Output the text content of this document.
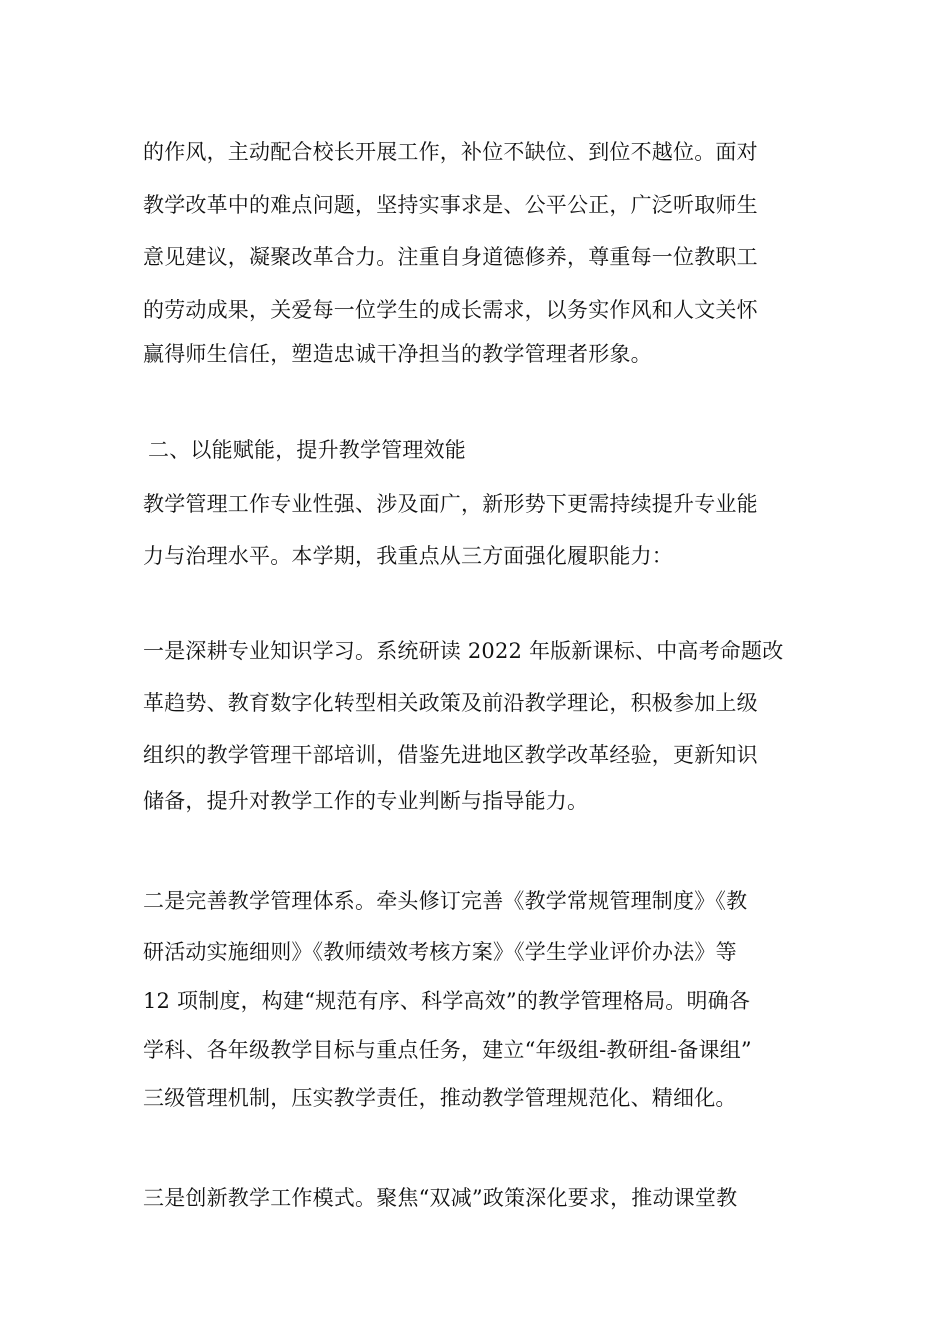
的作风，主动配合校长开展工作，补位不缺位、到位不越位。面对
教学改革中的难点问题，坚持实事求是、公平公正，广泛听取师生
意见建议，凝聚改革合力。注重自身道德修养，尊重每一位教职工
的劳动成果，关爱每一位学生的成长需求，以务实作风和人文关怀
赢得师生信任，塑造忠诚干净担当的教学管理者形象。
二、以能赋能，提升教学管理效能
教学管理工作专业性强、涉及面广，新形势下更需持续提升专业能
力与治理水平。本学期，我重点从三方面强化履职能力：
一是深耕专业知识学习。系统研读 2022 年版新课标、中高考命题改
革趋势、教育数字化转型相关政策及前沿教学理论，积极参加上级
组织的教学管理干部培训，借鉴先进地区教学改革经验，更新知识
储备，提升对教学工作的专业判断与指导能力。
二是完善教学管理体系。牵头修订完善《教学常规管理制度》《教
研活动实施细则》《教师绩效考核方案》《学生学业评价办法》等
12 项制度，构建“规范有序、科学高效”的教学管理格局。明确各
学科、各年级教学目标与重点任务，建立“年级组-教研组-备课组”
三级管理机制，压实教学责任，推动教学管理规范化、精细化。
三是创新教学工作模式。聚焦“双减”政策深化要求，推动课堂教
